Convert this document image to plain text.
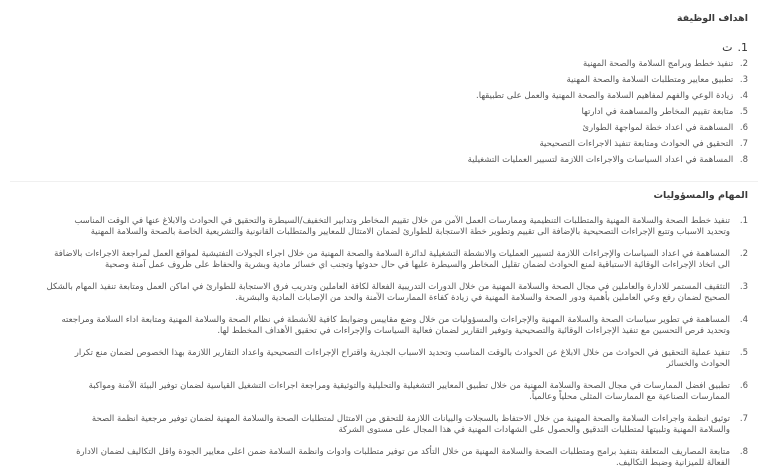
اهداف الوظيفة
1. ت
2. تنفيذ خطط وبرامج السلامة والصحة المهنية
3. تطبيق معايير ومتطلبات السلامة والصحة المهنية
4. زيادة الوعي والفهم لمفاهيم السلامة والصحة المهنية والعمل على تطبيقها.
5. متابعة تقييم المخاطر والمساهمة في ادارتها
6. المساهمة في اعداد خطة لمواجهة الطوارئ
7. التحقيق في الحوادث ومتابعة تنفيذ الاجراءات التصحيحية
8. المساهمة في اعداد السياسات والاجراءات اللازمة لتسيير العمليات التشغيلية
المهام والمسؤوليات
1.

تنفيذ خطط الصحة والسلامة المهنية والمتطلبات التنظيمية وممارسات العمل الآمن من خلال تقييم المخاطر وتدابير التخفيف/السيطرة والتحقيق في الحوادث والابلاغ عنها في الوقت المناسب

وتحديد الاسباب وتتبع الإجراءات التصحيحية بالإضافة الى تقييم وتطوير خطة الاستجابة للطوارئ لضمان الامتثال للمعايير والمتطلبات القانونية والتشريعية الخاصة بالصحة والسلامة المهنية

2.

المساهمة في اعداد السياسات والإجراءات اللازمة لتسيير العمليات والانشطة التشغيلية لدائرة السلامة والصحة المهنية من خلال اجراء الجولات التفتيشية لمواقع العمل لمراجعة الاجراءات بالاضافة

الى اتخاذ الإجراءات الوقائية الاستباقية لمنع الحوادث لضمان تقليل المخاطر والسيطرة عليها في حال حدوثها وتجنب اي خسائر مادية وبشرية والحفاظ على ظروف عمل آمنة وصحية

3.

التثقيف المستمر للادارة والعاملين في مجال الصحة والسلامة المهنية من خلال الدورات التدريبية الفعالة لكافة العاملين وتدريب فرق الاستجابة للطوارئ في اماكن العمل ومتابعة تنفيذ المهام بالشكل

الصحيح لضمان رفع وعي العاملين بأهمية ودور الصحة والسلامة المهنية في زيادة كفاءة الممارسات الآمنة والحد من الإصابات المادية والبشرية.

4.

المساهمة في تطوير سياسات الصحة والسلامة المهنية والإجراءات والمسؤوليات من خلال وضع مقاييس وضوابط كافية للأنشطة في نظام الصحة والسلامة المهنية ومتابعة اداء السلامة ومراجعته

وتحديد فرص التحسين مع تنفيذ الإجراءات الوقائية والتصحيحية وتوفير التقارير لضمان فعالية السياسات والإجراءات في تحقيق الأهداف المخطط لها.

5.

تنفيذ عملية التحقيق في الحوادث من خلال الابلاغ عن الحوادث بالوقت المناسب وتحديد الاسباب الجذرية واقتراح الإجراءات التصحيحية واعداد التقارير اللازمة بهذا الخصوص لضمان منع تكرار

الحوادث والخسائر

6.

تطبيق افضل الممارسات في مجال الصحة والسلامة المهنية من خلال تطبيق المعايير التشغيلية والتحليلية والتوثيقية ومراجعة اجراءات التشغيل القياسية لضمان توفير البيئة الآمنة ومواكبة

الممارسات الصناعية مع الممارسات المثلى محلياً وعالمياً.

7.

توثيق انظمة واجراءات السلامة والصحة المهنية من خلال الاحتفاظ بالسجلات والبيانات اللازمة للتحقق من الامتثال لمتطلبات الصحة والسلامة المهنية لضمان توفير مرجعية انظمة الصحة

والسلامة المهنية وتلبيتها لمتطلبات التدقيق والحصول على الشهادات المهنية في هذا المجال على مستوى الشركة

8.

متابعة المصاريف المتعلقة بتنفيذ برامج ومتطلبات الصحة والسلامة المهنية من خلال التأكد من توفير متطلبات وادوات وانظمة السلامة ضمن اعلى معايير الجودة واقل التكاليف لضمان الادارة

الفعالة للميزانية وضبط التكاليف.
